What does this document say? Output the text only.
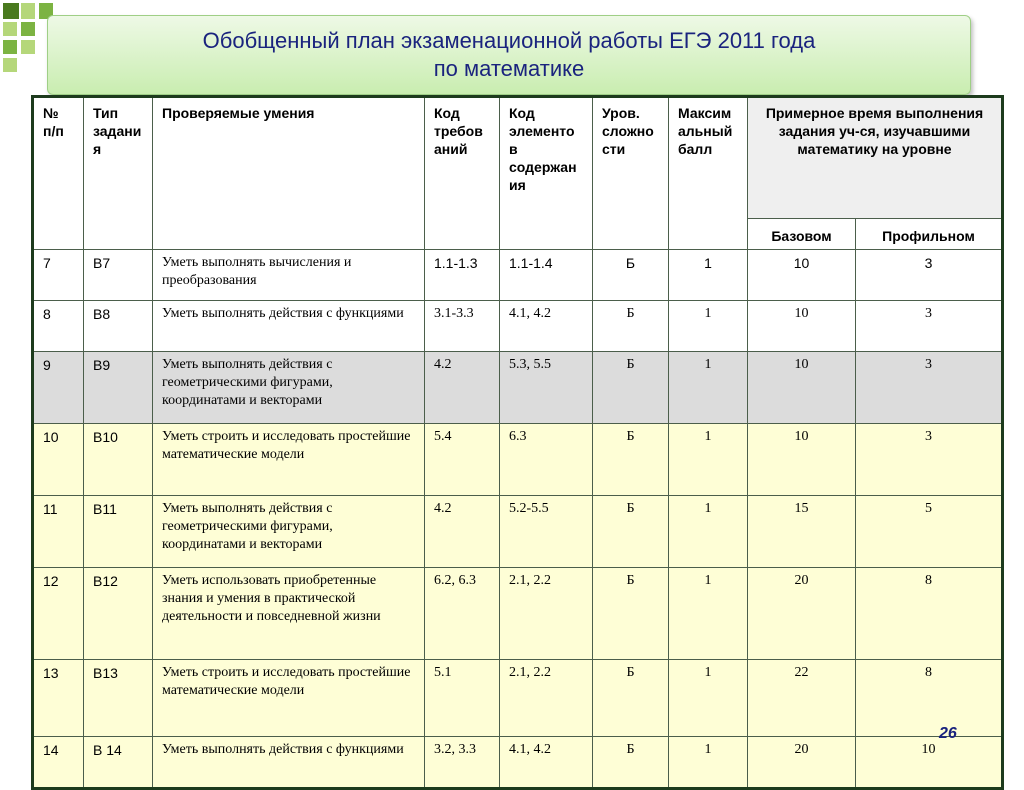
Обобщенный план экзаменационной работы ЕГЭ 2011 года
по математике
№ п/п	Тип задания	Проверяемые умения	Код требований	Код элементов содержания	Уров. сложности	Максимальный балл	Примерное время выполнения задания уч-ся, изучавшими математику на уровне	
							Базовом	Профильном
7	B7	Уметь выполнять вычисления и преобразования	1.1-1.3	1.1-1.4	Б	1	10	3
8	B8	Уметь выполнять действия с функциями	3.1-3.3	4.1, 4.2	Б	1	10	3
9	B9	Уметь выполнять действия с геометрическими фигурами, координатами и векторами	4.2	5.3, 5.5	Б	1	10	3
10	B10	Уметь строить и исследовать простейшие математические модели	5.4	6.3	Б	1	10	3
11	B11	Уметь выполнять действия с геометрическими фигурами, координатами и векторами	4.2	5.2-5.5	Б	1	15	5
12	B12	Уметь использовать приобретенные знания и умения в практической деятельности и повседневной жизни	6.2, 6.3	2.1, 2.2	Б	1	20	8
13	B13	Уметь строить и исследовать простейшие математические модели	5.1	2.1, 2.2	Б	1	22	8
14	B 14	Уметь выполнять действия с функциями	3.2, 3.3	4.1, 4.2	Б	1	20	10
26
